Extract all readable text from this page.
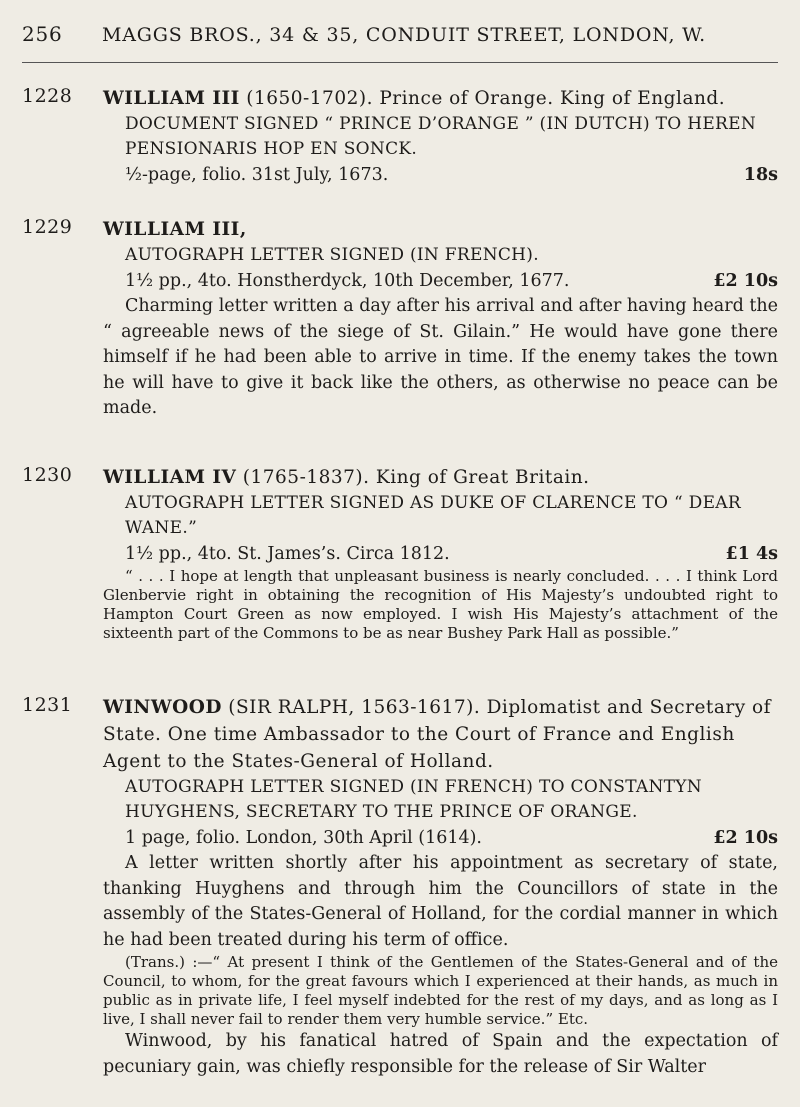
256	MAGGS BROS., 34 & 35, CONDUIT STREET, LONDON, W.
1228 WILLIAM III (1650-1702). Prince of Orange. King of England.
DOCUMENT SIGNED “ PRINCE D’ORANGE ” (IN DUTCH) TO HEREN PENSIONARIS HOP EN SONCK.
½-page, folio. 31st July, 1673.	18s
1229 WILLIAM III,
AUTOGRAPH LETTER SIGNED (IN FRENCH).
1½ pp., 4to. Honstherdyck, 10th December, 1677.	£2 10s

Charming letter written a day after his arrival and after having heard the “ agreeable news of the siege of St. Gilain.” He would have gone there himself if he had been able to arrive in time. If the enemy takes the town he will have to give it back like the others, as otherwise no peace can be made.

1230 WILLIAM IV (1765-1837). King of Great Britain.
AUTOGRAPH LETTER SIGNED AS DUKE OF CLARENCE TO “ DEAR WANE.”
1½ pp., 4to. St. James’s. Circa 1812.	£1 4s

“ . . . I hope at length that unpleasant business is nearly concluded. . . . I think Lord Glenbervie right in obtaining the recognition of His Majesty’s undoubted right to Hampton Court Green as now employed. I wish His Majesty’s attachment of the sixteenth part of the Commons to be as near Bushey Park Hall as possible.”

1231 WINWOOD (SIR RALPH, 1563-1617). Diplomatist and Secretary of State. One time Ambassador to the Court of France and English Agent to the States-General of Holland.
AUTOGRAPH LETTER SIGNED (IN FRENCH) TO CONSTANTYN HUYGHENS, SECRETARY TO THE PRINCE OF ORANGE.
1 page, folio. London, 30th April (1614).	£2 10s

A letter written shortly after his appointment as secretary of state, thanking Huyghens and through him the Councillors of state in the assembly of the States-General of Holland, for the cordial manner in which he had been treated during his term of office.

(Trans.) :—“ At present I think of the Gentlemen of the States-General and of the Council, to whom, for the great favours which I experienced at their hands, as much in public as in private life, I feel myself indebted for the rest of my days, and as long as I live, I shall never fail to render them very humble service.” Etc.

Winwood, by his fanatical hatred of Spain and the expectation of pecuniary gain, was chiefly responsible for the release of Sir Walter
